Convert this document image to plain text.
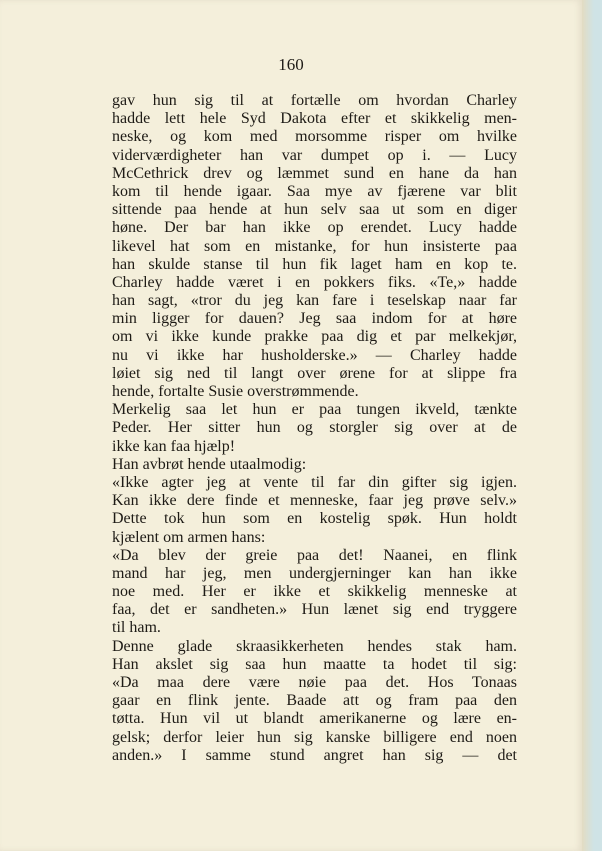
160
gav hun sig til at fortælle om hvordan Charley
hadde lett hele Syd Dakota efter et skikkelig men-
neske, og kom med morsomme risper om hvilke
viderværdigheter han var dumpet op i. — Lucy
McCethrick drev og læmmet sund en hane da han
kom til hende igaar. Saa mye av fjærene var blit
sittende paa hende at hun selv saa ut som en diger
høne. Der bar han ikke op erendet. Lucy hadde
likevel hat som en mistanke, for hun insisterte paa
han skulde stanse til hun fik laget ham en kop te.
Charley hadde været i en pokkers fiks. «Te,» hadde
han sagt, «tror du jeg kan fare i teselskap naar far
min ligger for dauen? Jeg saa indom for at høre
om vi ikke kunde prakke paa dig et par melkekjør,
nu vi ikke har husholderske.» — Charley hadde
løiet sig ned til langt over ørene for at slippe fra
hende, fortalte Susie overstrømmende.
Merkelig saa let hun er paa tungen ikveld, tænkte
Peder. Her sitter hun og storgler sig over at de
ikke kan faa hjælp!
Han avbrøt hende utaalmodig:
«Ikke agter jeg at vente til far din gifter sig igjen.
Kan ikke dere finde et menneske, faar jeg prøve selv.»
Dette tok hun som en kostelig spøk. Hun holdt
kjælent om armen hans:
«Da blev der greie paa det! Naanei, en flink
mand har jeg, men undergjerninger kan han ikke
noe med. Her er ikke et skikkelig menneske at
faa, det er sandheten.» Hun lænet sig end tryggere
til ham.
Denne glade skraasikkerheten hendes stak ham.
Han akslet sig saa hun maatte ta hodet til sig:
«Da maa dere være nøie paa det. Hos Tonaas
gaar en flink jente. Baade att og fram paa den
tøtta. Hun vil ut blandt amerikanerne og lære en-
gelsk; derfor leier hun sig kanske billigere end noen
anden.» I samme stund angret han sig — det
